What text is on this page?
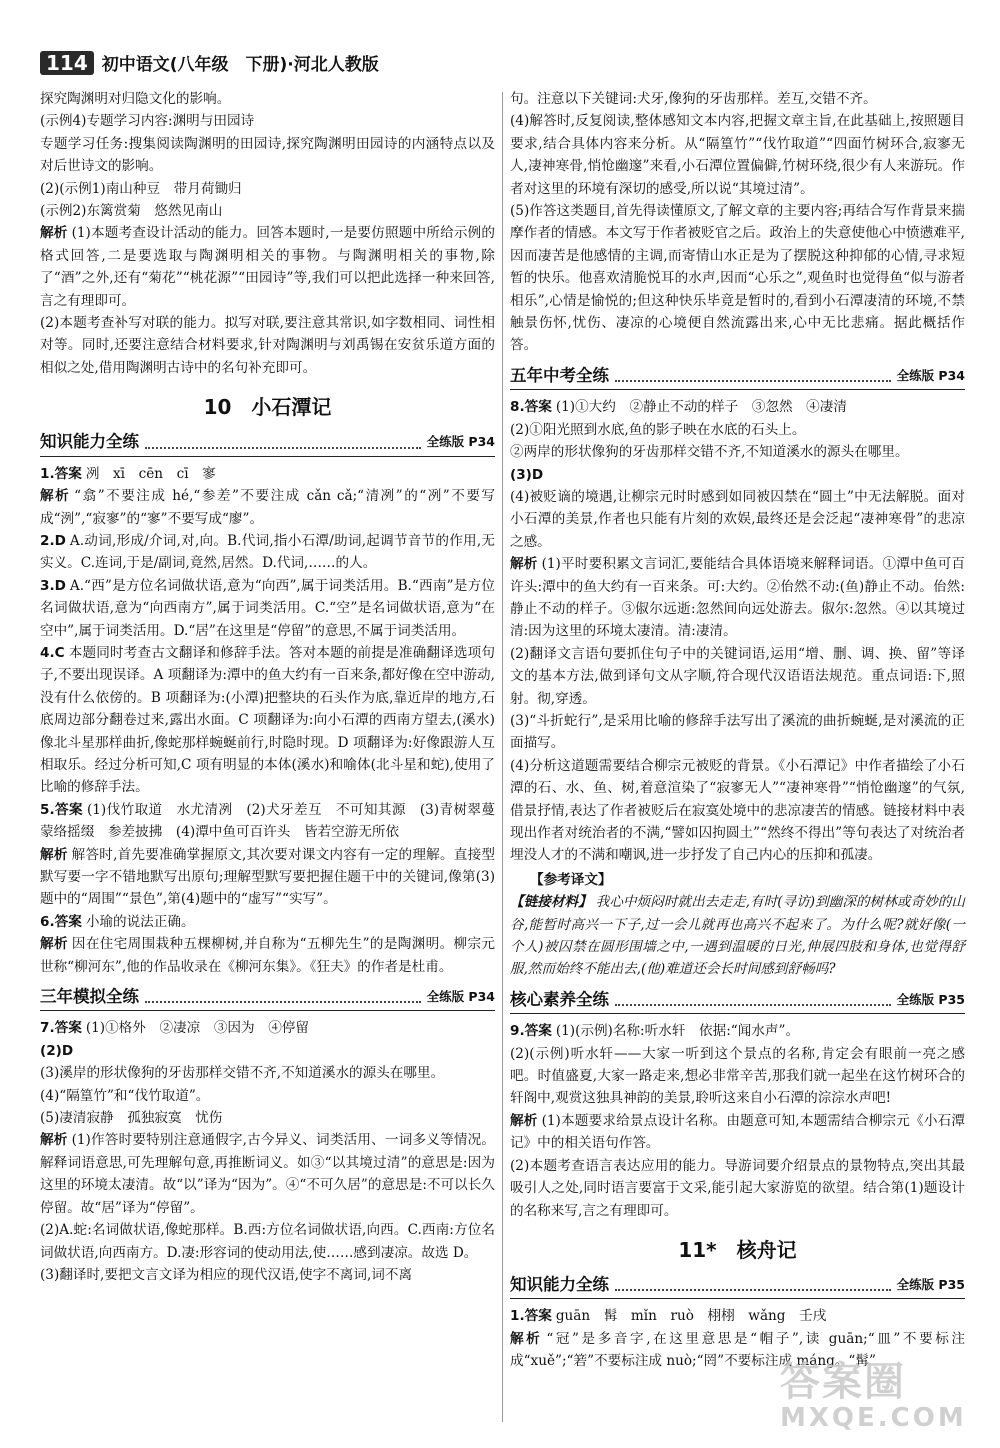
114 初中语文(八年级　下册)·河北人教版

探究陶渊明对归隐文化的影响。

(示例4)专题学习内容:渊明与田园诗

专题学习任务:搜集阅读陶渊明的田园诗,探究陶渊明田园诗的内涵特点以及对后世诗文的影响。

(2)(示例1)南山种豆　带月荷锄归

(示例2)东篱赏菊　悠然见南山

解析 (1)本题考查设计活动的能力。回答本题时,一是要仿照题中所给示例的格式回答,二是要选取与陶渊明相关的事物。与陶渊明相关的事物,除了“酒”之外,还有“菊花”“桃花源”“田园诗”等,我们可以把此选择一种来回答,言之有理即可。

(2)本题考查补写对联的能力。拟写对联,要注意其常识,如字数相同、词性相对等。同时,还要注意结合材料要求,针对陶渊明与刘禹锡在安贫乐道方面的相似之处,借用陶渊明古诗中的名句补充即可。

10 小石潭记
知识能力全练	全练版 P34

1.答案 冽　xī　cēn　cī　寥

解析 “翕”不要注成 hé,“参差”不要注成 cǎn cǎ;“清冽”的“冽”不要写成“洌”,“寂寥”的“寥”不要写成“廖”。

2.D A.动词,形成/介词,对,向。B.代词,指小石潭/助词,起调节音节的作用,无实义。C.连词,于是/副词,竟然,居然。D.代词,……的人。

3.D A.“西”是方位名词做状语,意为“向西”,属于词类活用。B.“西南”是方位名词做状语,意为“向西南方”,属于词类活用。C.“空”是名词做状语,意为“在空中”,属于词类活用。D.“居”在这里是“停留”的意思,不属于词类活用。

4.C 本题同时考查古文翻译和修辞手法。答对本题的前提是准确翻译选项句子,不要出现误译。A 项翻译为:潭中的鱼大约有一百来条,都好像在空中游动,没有什么依傍的。B 项翻译为:(小潭)把整块的石头作为底,靠近岸的地方,石底周边部分翻卷过来,露出水面。C 项翻译为:向小石潭的西南方望去,(溪水)像北斗星那样曲折,像蛇那样蜿蜒前行,时隐时现。D 项翻译为:好像跟游人互相取乐。经过分析可知,C 项有明显的本体(溪水)和喻体(北斗星和蛇),使用了比喻的修辞手法。

5.答案 (1)伐竹取道　水尤清冽　(2)犬牙差互　不可知其源　(3)青树翠蔓　蒙络摇缀　参差披拂　(4)潭中鱼可百许头　皆若空游无所依

解析 解答时,首先要准确掌握原文,其次要对课文内容有一定的理解。直接型默写要一字不错地默写出原句;理解型默写要把握住题干中的关键词,像第(3)题中的“周围”“景色”,第(4)题中的“虚写”“实写”。

6.答案 小瑜的说法正确。

解析 因在住宅周围栽种五棵柳树,并自称为“五柳先生”的是陶渊明。柳宗元世称“柳河东”,他的作品收录在《柳河东集》。《狂夫》的作者是杜甫。

三年模拟全练	全练版 P34

7.答案 (1)①格外　②凄凉　③因为　④停留

(2)D

(3)溪岸的形状像狗的牙齿那样交错不齐,不知道溪水的源头在哪里。

(4)“隔篁竹”和“伐竹取道”。

(5)凄清寂静　孤独寂寞　忧伤

解析 (1)作答时要特别注意通假字,古今异义、词类活用、一词多义等情况。解释词语意思,可先理解句意,再推断词义。如③“以其境过清”的意思是:因为这里的环境太凄清。故“以”译为“因为”。④“不可久居”的意思是:不可以长久停留。故“居”译为“停留”。

(2)A.蛇:名词做状语,像蛇那样。B.西:方位名词做状语,向西。C.西南:方位名词做状语,向西南方。D.凄:形容词的使动用法,使……感到凄凉。故选 D。

(3)翻译时,要把文言文译为相应的现代汉语,使字不离词,词不离

句。注意以下关键词:犬牙,像狗的牙齿那样。差互,交错不齐。

(4)解答时,反复阅读,整体感知文本内容,把握文章主旨,在此基础上,按照题目要求,结合具体内容来分析。从“隔篁竹”“伐竹取道”“四面竹树环合,寂寥无人,凄神寒骨,悄怆幽邃”来看,小石潭位置偏僻,竹树环绕,很少有人来游玩。作者对这里的环境有深切的感受,所以说“其境过清”。

(5)作答这类题目,首先得读懂原文,了解文章的主要内容;再结合写作背景来揣摩作者的情感。本文写于作者被贬官之后。政治上的失意使他心中愤懑难平,因而凄苦是他感情的主调,而寄情山水正是为了摆脱这种抑郁的心情,寻求短暂的快乐。他喜欢清脆悦耳的水声,因而“心乐之”,观鱼时也觉得鱼“似与游者相乐”,心情是愉悦的;但这种快乐毕竟是暂时的,看到小石潭凄清的环境,不禁触景伤怀,忧伤、凄凉的心境便自然流露出来,心中无比悲痛。据此概括作答。

五年中考全练	全练版 P34

8.答案 (1)①大约　②静止不动的样子　③忽然　④凄清

(2)①阳光照到水底,鱼的影子映在水底的石头上。

②两岸的形状像狗的牙齿那样交错不齐,不知道溪水的源头在哪里。

(3)D

(4)被贬谪的境遇,让柳宗元时时感到如同被囚禁在“圆土”中无法解脱。面对小石潭的美景,作者也只能有片刻的欢娱,最终还是会泛起“凄神寒骨”的悲凉之感。

解析 (1)平时要积累文言词汇,要能结合具体语境来解释词语。①潭中鱼可百许头:潭中的鱼大约有一百来条。可:大约。②佁然不动:(鱼)静止不动。佁然:静止不动的样子。③俶尔远逝:忽然间向远处游去。俶尔:忽然。④以其境过清:因为这里的环境太凄清。清:凄清。

(2)翻译文言语句要抓住句子中的关键词语,运用“增、删、调、换、留”等译文的基本方法,做到译句文从字顺,符合现代汉语语法规范。重点词语:下,照射。彻,穿透。

(3)“斗折蛇行”,是采用比喻的修辞手法写出了溪流的曲折蜿蜒,是对溪流的正面描写。

(4)分析这道题需要结合柳宗元被贬的背景。《小石潭记》中作者描绘了小石潭的石、水、鱼、树,着意渲染了“寂寥无人”“凄神寒骨”“悄怆幽邃”的气氛,借景抒情,表达了作者被贬后在寂寞处境中的悲凉凄苦的情感。链接材料中表现出作者对统治者的不满,“譬如囚拘圆土”“然终不得出”等句表达了对统治者埋没人才的不满和嘲讽,进一步抒发了自己内心的压抑和孤凄。

【参考译文】

【链接材料】 我心中烦闷时就出去走走,有时(寻访)到幽深的树林或奇妙的山谷,能暂时高兴一下子,过一会儿就再也高兴不起来了。为什么呢?就好像(一个人)被囚禁在圆形围墙之中,一遇到温暖的日光,伸展四肢和身体,也觉得舒服,然而始终不能出去,(他)难道还会长时间感到舒畅吗?

核心素养全练	全练版 P35

9.答案 (1)(示例)名称:听水轩　依据:“闻水声”。

(2)(示例)听水轩——大家一听到这个景点的名称,肯定会有眼前一亮之感吧。时值盛夏,大家一路走来,想必非常辛苦,那我们就一起坐在这竹树环合的轩阁中,观赏这独具神韵的美景,聆听这来自小石潭的淙淙水声吧!

解析 (1)本题要求给景点设计名称。由题意可知,本题需结合柳宗元《小石潭记》中的相关语句作答。

(2)本题考查语言表达应用的能力。导游词要介绍景点的景物特点,突出其最吸引人之处,同时语言要富于文采,能引起大家游览的欲望。结合第(1)题设计的名称来写,言之有理即可。

11* 核舟记
知识能力全练	全练版 P35

1.答案 guān　髯　mǐn　ruò　栩栩　wǎng　壬戌

解析 “冠”是多音字,在这里意思是“帽子”,读 guān;“皿”不要标注成“xuě”;“箬”不要标注成 nuò;“罔”不要标注成 máng。“髯”

答案圈
MXQE.COM
